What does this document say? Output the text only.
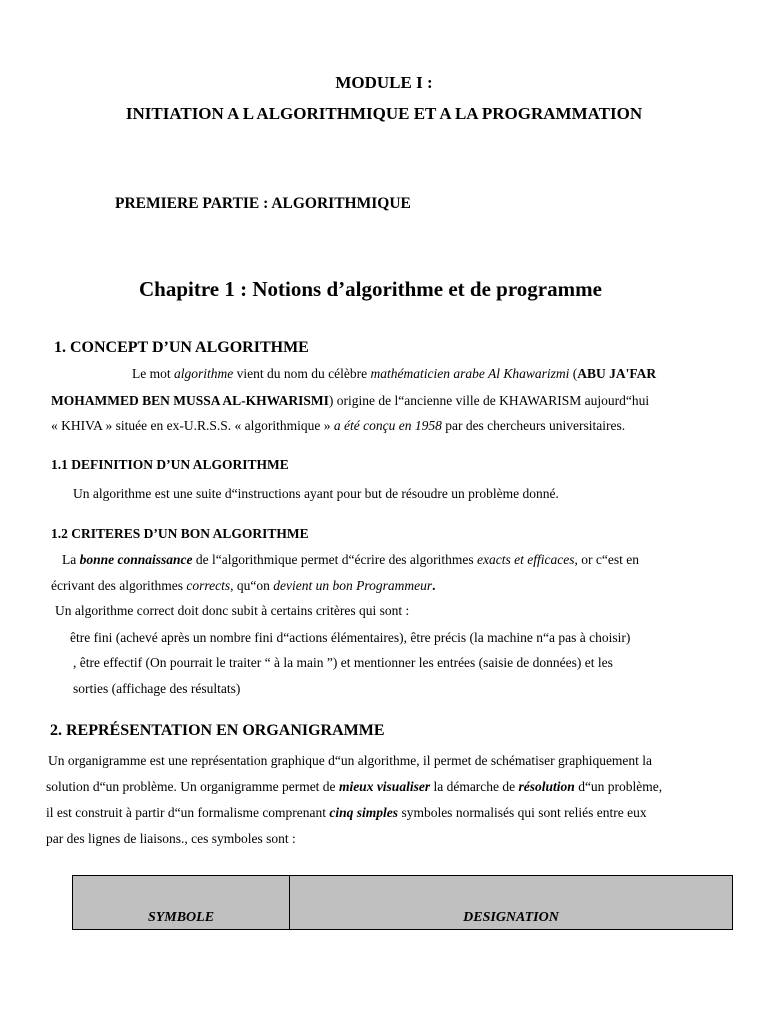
MODULE I :
INITIATION A L ALGORITHMIQUE ET A LA PROGRAMMATION
PREMIERE PARTIE : ALGORITHMIQUE
Chapitre 1 : Notions d’algorithme et de programme
1. CONCEPT D’UN ALGORITHME
Le mot algorithme vient du nom du célèbre mathématicien arabe Al Khawarizmi (ABU JA'FAR
MOHAMMED BEN MUSSA AL-KHWARISMI) origine de l“ancienne ville de KHAWARISM aujourd“hui
« KHIVA » située en ex-U.R.S.S. « algorithmique » a été conçu en 1958 par des chercheurs universitaires.
1.1 DEFINITION D’UN ALGORITHME
Un algorithme est une suite d“instructions ayant pour but de résoudre un problème donné.
1.2 CRITERES D’UN BON ALGORITHME
La bonne connaissance de l“algorithmique permet d“écrire des algorithmes exacts et efficaces, or c“est en
écrivant des algorithmes corrects, qu“on devient un bon Programmeur.
Un algorithme correct doit donc subit à certains critères qui sont :
être fini (achevé après un nombre fini d“actions élémentaires), être précis (la machine n“a pas à choisir)
, être effectif (On pourrait le traiter “ à la main ”) et mentionner les entrées (saisie de données) et les
sorties (affichage des résultats)
2. REPRÉSENTATION EN ORGANIGRAMME
Un organigramme est une représentation graphique d“un algorithme, il permet de schématiser graphiquement la
solution d“un problème. Un organigramme permet de mieux visualiser la démarche de résolution d“un problème,
il est construit à partir d“un formalisme comprenant cinq simples symboles normalisés qui sont reliés entre eux
par des lignes de liaisons., ces symboles sont :
SYMBOLE	DESIGNATION
